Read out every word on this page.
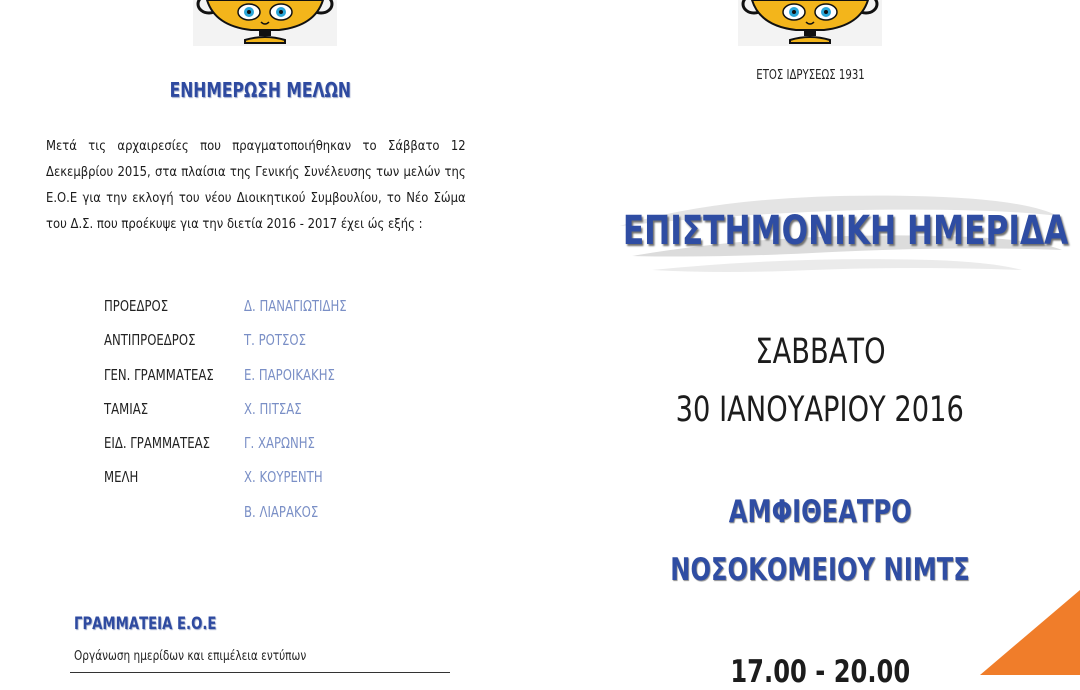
ΕΝΗΜΕΡΩΣΗ ΜΕΛΩΝ
Μετά τις αρχαιρεσίες που πραγματοποιήθηκαν το Σάββατο 12 Δεκεμβρίου 2015, στα πλαίσια της Γενικής Συνέλευσης των μελών της Ε.Ο.Ε για την εκλογή του νέου Διοικητικού Συμβουλίου, το Νέο Σώμα του Δ.Σ. που προέκυψε για την διετία 2016 - 2017 έχει ώς εξής :
ΠΡΟΕΔΡΟΣ	Δ. ΠΑΝΑΓΙΩΤΙΔΗΣ
ΑΝΤΙΠΡΟΕΔΡΟΣ	Τ. ΡΟΤΣΟΣ
ΓΕΝ. ΓΡΑΜΜΑΤΕΑΣ	Ε. ΠΑΡΟΙΚΑΚΗΣ
ΤΑΜΙΑΣ	Χ. ΠΙΤΣΑΣ
ΕΙΔ. ΓΡΑΜΜΑΤΕΑΣ	Γ. ΧΑΡΩΝΗΣ
ΜΕΛΗ	Χ. ΚΟΥΡΕΝΤΗ
Β. ΛΙΑΡΑΚΟΣ
ΓΡΑΜΜΑΤΕΙΑ Ε.Ο.Ε
Οργάνωση ημερίδων και επιμέλεια εντύπων
ΕΤΟΣ ΙΔΡΥΣΕΩΣ 1931
ΕΠΙΣΤΗΜΟΝΙΚΗ ΗΜΕΡΙΔΑ
ΣΑΒΒΑΤΟ
30 ΙΑΝΟΥΑΡΙΟΥ 2016
ΑΜΦΙΘΕΑΤΡΟ
ΝΟΣΟΚΟΜΕΙΟΥ ΝΙΜΤΣ
17.00 - 20.00
